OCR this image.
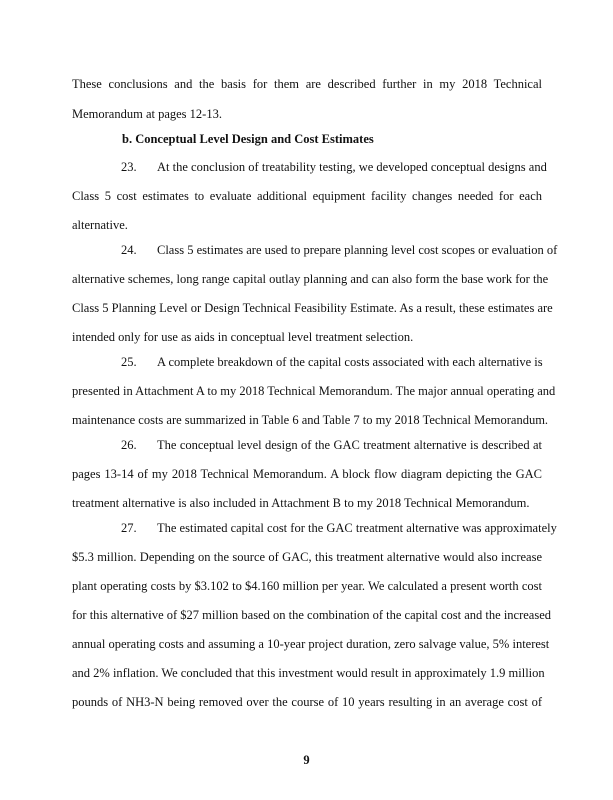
These conclusions and the basis for them are described further in my 2018 Technical
Memorandum at pages 12-13.
b. Conceptual Level Design and Cost Estimates
23.	At the conclusion of treatability testing, we developed conceptual designs and
Class 5 cost estimates to evaluate additional equipment facility changes needed for each
alternative.
24.	Class 5 estimates are used to prepare planning level cost scopes or evaluation of
alternative schemes, long range capital outlay planning and can also form the base work for the
Class 5 Planning Level or Design Technical Feasibility Estimate. As a result, these estimates are
intended only for use as aids in conceptual level treatment selection.
25.	A complete breakdown of the capital costs associated with each alternative is
presented in Attachment A to my 2018 Technical Memorandum. The major annual operating and
maintenance costs are summarized in Table 6 and Table 7 to my 2018 Technical Memorandum.
26.	The conceptual level design of the GAC treatment alternative is described at
pages 13-14 of my 2018 Technical Memorandum. A block flow diagram depicting the GAC
treatment alternative is also included in Attachment B to my 2018 Technical Memorandum.
27.	The estimated capital cost for the GAC treatment alternative was approximately
$5.3 million. Depending on the source of GAC, this treatment alternative would also increase
plant operating costs by $3.102 to $4.160 million per year. We calculated a present worth cost
for this alternative of $27 million based on the combination of the capital cost and the increased
annual operating costs and assuming a 10-year project duration, zero salvage value, 5% interest
and 2% inflation. We concluded that this investment would result in approximately 1.9 million
pounds of NH3-N being removed over the course of 10 years resulting in an average cost of
9
